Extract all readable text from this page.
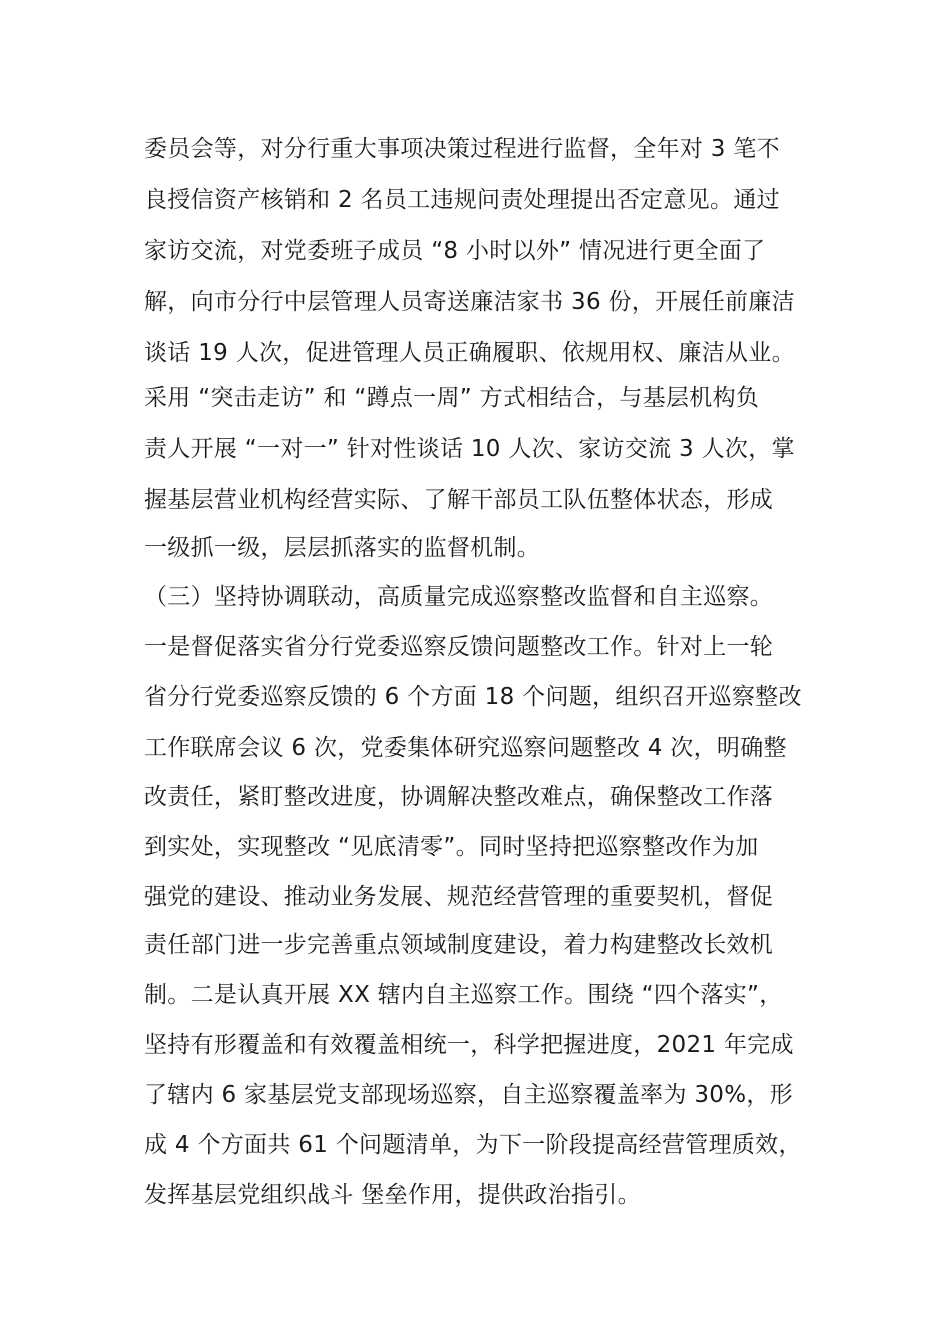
委员会等，对分行重大事项决策过程进行监督，全年对 3 笔不
良授信资产核销和 2 名员工违规问责处理提出否定意见。通过
家访交流，对党委班子成员 “8 小时以外” 情况进行更全面了
解，向市分行中层管理人员寄送廉洁家书 36 份，开展任前廉洁
谈话 19 人次，促进管理人员正确履职、依规用权、廉洁从业。
采用 “突击走访” 和 “蹲点一周” 方式相结合，与基层机构负
责人开展 “一对一” 针对性谈话 10 人次、家访交流 3 人次，掌
握基层营业机构经营实际、了解干部员工队伍整体状态，形成
一级抓一级，层层抓落实的监督机制。
（三）坚持协调联动，高质量完成巡察整改监督和自主巡察。
一是督促落实省分行党委巡察反馈问题整改工作。针对上一轮
省分行党委巡察反馈的 6 个方面 18 个问题，组织召开巡察整改
工作联席会议 6 次，党委集体研究巡察问题整改 4 次，明确整
改责任，紧盯整改进度，协调解决整改难点，确保整改工作落
到实处，实现整改 “见底清零”。同时坚持把巡察整改作为加
强党的建设、推动业务发展、规范经营管理的重要契机，督促
责任部门进一步完善重点领域制度建设，着力构建整改长效机
制。二是认真开展 XX 辖内自主巡察工作。围绕 “四个落实”，
坚持有形覆盖和有效覆盖相统一，科学把握进度，2021 年完成
了辖内 6 家基层党支部现场巡察，自主巡察覆盖率为 30%，形
成 4 个方面共 61 个问题清单，为下一阶段提高经营管理质效，
发挥基层党组织战斗 堡垒作用，提供政治指引。
